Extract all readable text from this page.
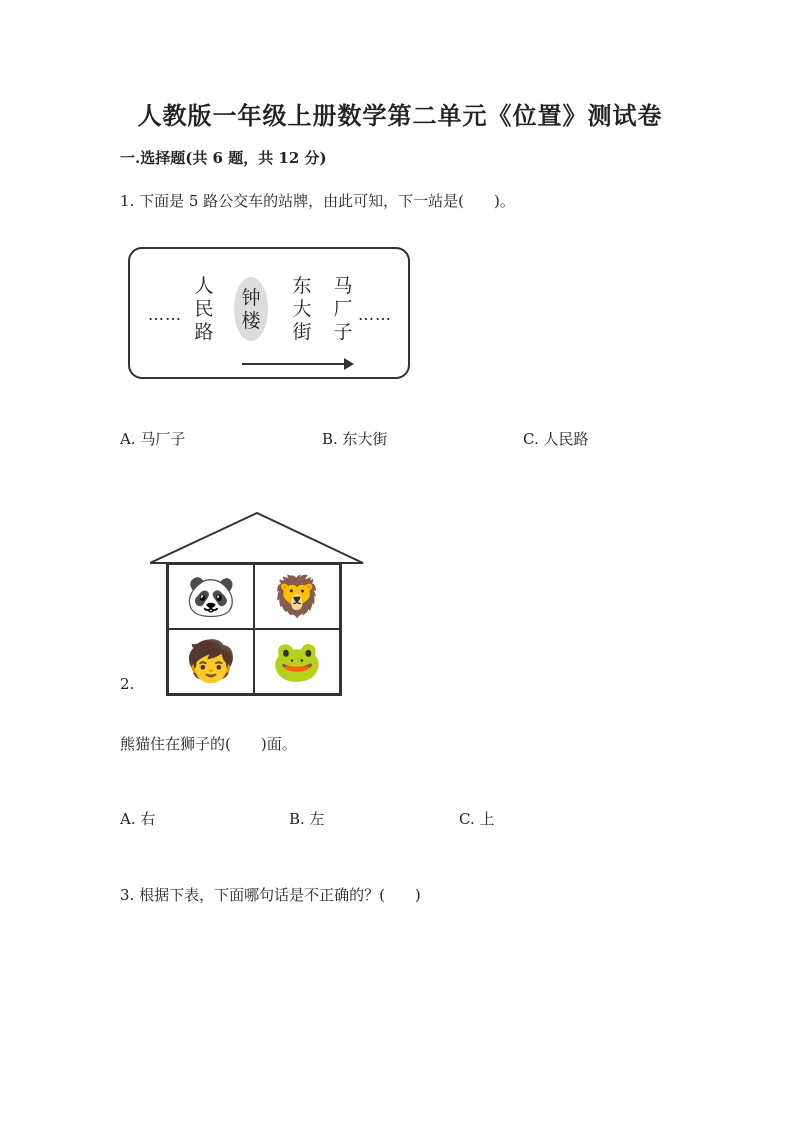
人教版一年级上册数学第二单元《位置》测试卷
一.选择题(共 6 题，共 12 分)
1. 下面是 5 路公交车的站牌，由此可知，下一站是(　　)。
……
人
民
路
钟
楼
东
大
街
马
厂
子
……
A. 马厂子	B. 东大街	C. 人民路
🐼 🦁
🧒 🐸
2.
熊猫住在狮子的(　　)面。
A. 右	B. 左	C. 上
3. 根据下表，下面哪句话是不正确的？(　　)
